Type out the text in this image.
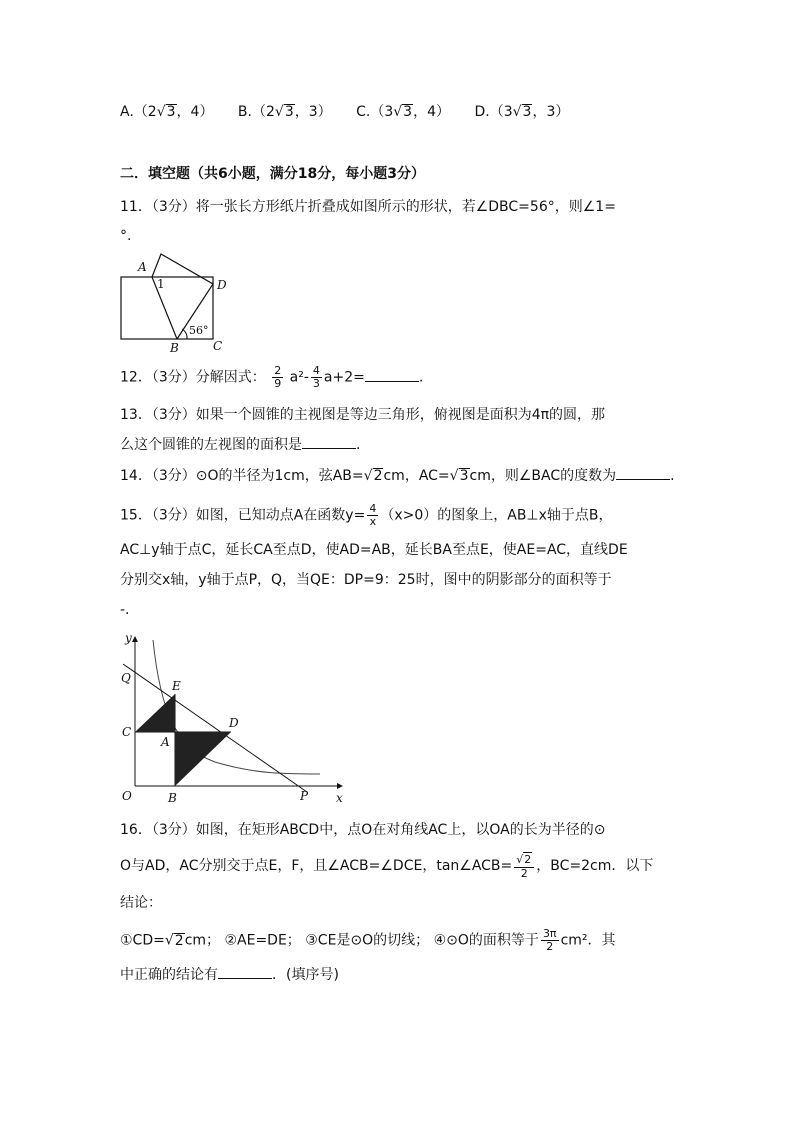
A.（2√3，4） B.（2√3，3） C.（3√3，4） D.（3√3，3）
二．填空题（共6小题，满分18分，每小题3分）
11．（3分）将一张长方形纸片折叠成如图所示的形状，若∠DBC=56°，则∠1=
°.
A
1	D
56°
B	C
12．（3分）分解因式： $\frac{2}{9} a^2- \frac{4}{3} a+2=$	.
13．（3分）如果一个圆锥的主视图是等边三角形，俯视图是面积为4π的圆，那
么这个圆锥的左视图的面积是	.
14．（3分）⊙O的半径为1cm，弦AB=√2cm，AC=√3cm，则∠BAC的度数为	.
15．（3分）如图，已知动点A在函数$y= \frac{4}{x} (x>0)$的图象上，AB⊥x轴于点B，
AC⊥y轴于点C，延长CA至点D，使AD=AB，延长BA至点E，使AE=AC，直线DE
分别交x轴，y轴于点P，Q，当QE：DP=9：25时，图中的阴影部分的面积等于
-.
y
Q
E
D
C
A
O	B	P x
16．（3分）如图，在矩形ABCD中，点O在对角线AC上，以OA的长为半径的⊙
O与AD，AC分别交于点E，F，且∠ACB=∠DCE，tan∠ACB= $\frac{√2}{2}$ ，BC=2cm．以下
结论：
①CD=√2cm； ②AE=DE； ③CE是⊙O的切线； ④⊙O的面积等于 $\frac{3\pi}{2} cm^2$．其
中正确的结论有	．(填序号)
